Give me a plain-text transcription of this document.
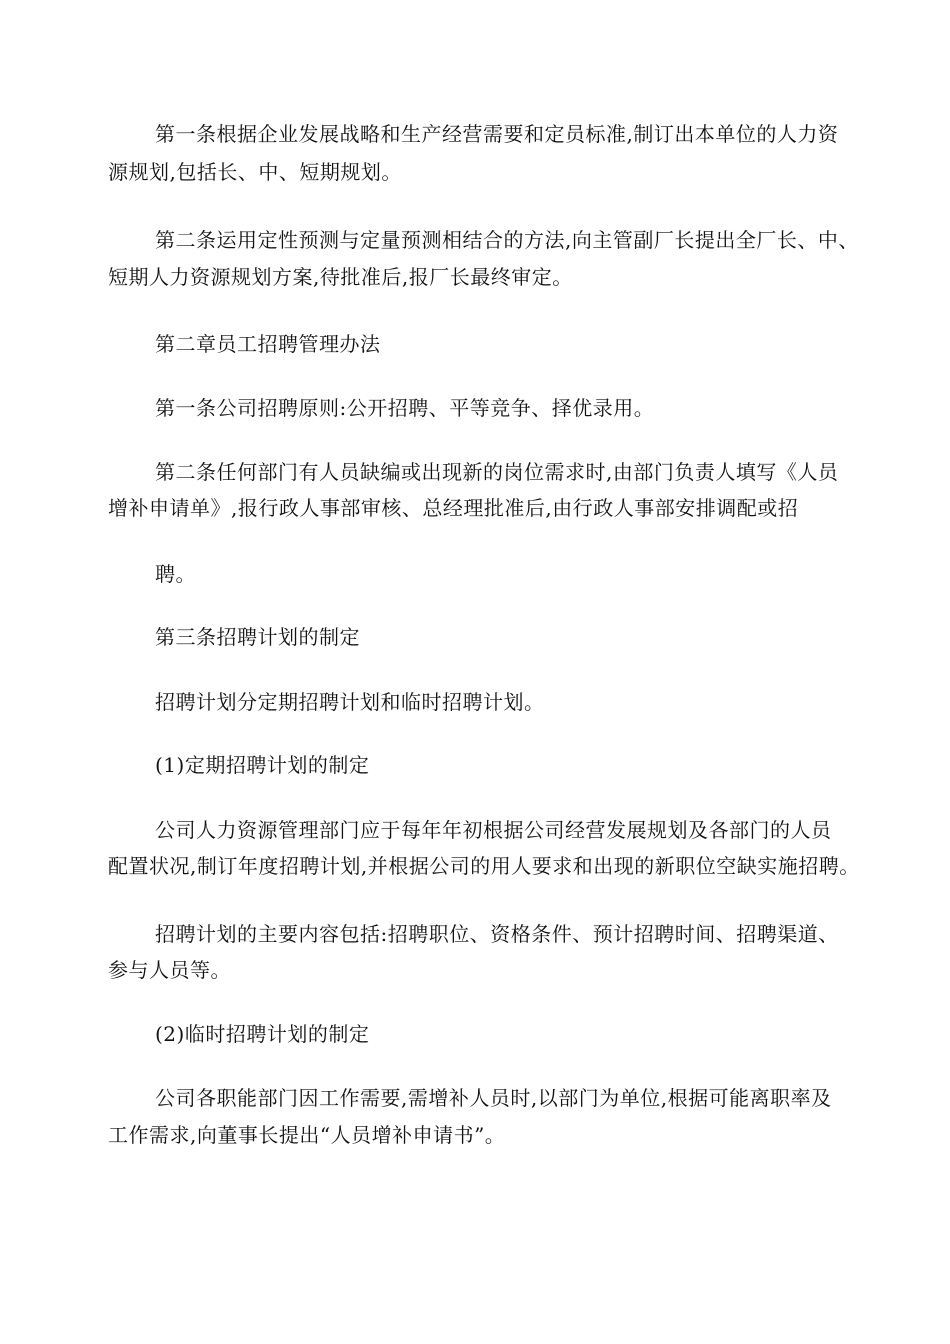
第一条根据企业发展战略和生产经营需要和定员标准,制订出本单位的人力资
源规划,包括长、中、短期规划。
第二条运用定性预测与定量预测相结合的方法,向主管副厂长提出全厂长、中、
短期人力资源规划方案,待批准后,报厂长最终审定。
第二章员工招聘管理办法
第一条公司招聘原则:公开招聘、平等竞争、择优录用。
第二条任何部门有人员缺编或出现新的岗位需求时,由部门负责人填写《人员
增补申请单》,报行政人事部审核、总经理批准后,由行政人事部安排调配或招
聘。
第三条招聘计划的制定
招聘计划分定期招聘计划和临时招聘计划。
(1)定期招聘计划的制定
公司人力资源管理部门应于每年年初根据公司经营发展规划及各部门的人员
配置状况,制订年度招聘计划,并根据公司的用人要求和出现的新职位空缺实施招聘。
招聘计划的主要内容包括:招聘职位、资格条件、预计招聘时间、招聘渠道、
参与人员等。
(2)临时招聘计划的制定
公司各职能部门因工作需要,需增补人员时,以部门为单位,根据可能离职率及
工作需求,向董事长提出“人员增补申请书”。
